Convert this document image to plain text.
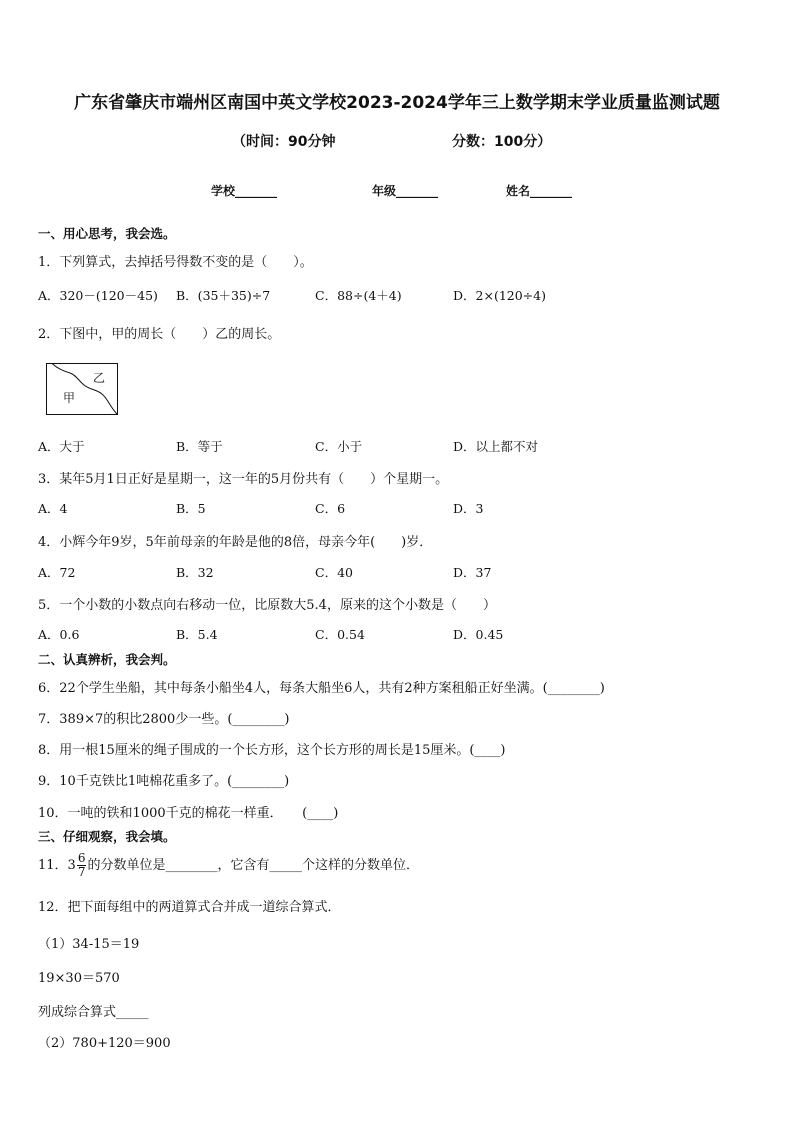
广东省肇庆市端州区南国中英文学校2023-2024学年三上数学期末学业质量监测试题
（时间：90分钟	分数：100分）
学校_______	年级_______	姓名_______
一、用心思考，我会选。
1．下列算式，去掉括号得数不变的是（　　）。
A．320－(120－45) B．(35＋35)÷7	C．88÷(4＋4)	D．2×(120÷4)
2．下图中，甲的周长（　　）乙的周长。
乙
甲
A．大于	B．等于	C．小于	D．以上都不对
3．某年5月1日正好是星期一，这一年的5月份共有（　　）个星期一。
A．4	B．5	C．6	D．3
4．小辉今年9岁，5年前母亲的年龄是他的8倍，母亲今年(　　)岁．
A．72	B．32	C．40	D．37
5．一个小数的小数点向右移动一位，比原数大5.4，原来的这个小数是（　　）
A．0.6	B．5.4	C．0.54	D．0.45
二、认真辨析，我会判。
6．22个学生坐船，其中每条小船坐4人，每条大船坐6人，共有2种方案租船正好坐满。(________)
7．389×7的积比2800少一些。(________)
8．用一根15厘米的绳子围成的一个长方形，这个长方形的周长是15厘米。(____)
9．10千克铁比1吨棉花重多了。(________)
10．一吨的铁和1000千克的棉花一样重．　　(____)
三、仔细观察，我会填。
11．$3 \frac{6}{7}$ 的分数单位是________，它含有_____个这样的分数单位．
12．把下面每组中的两道算式合并成一道综合算式．
（1）34-15＝19
19×30＝570
列成综合算式_____
（2）780+120＝900
